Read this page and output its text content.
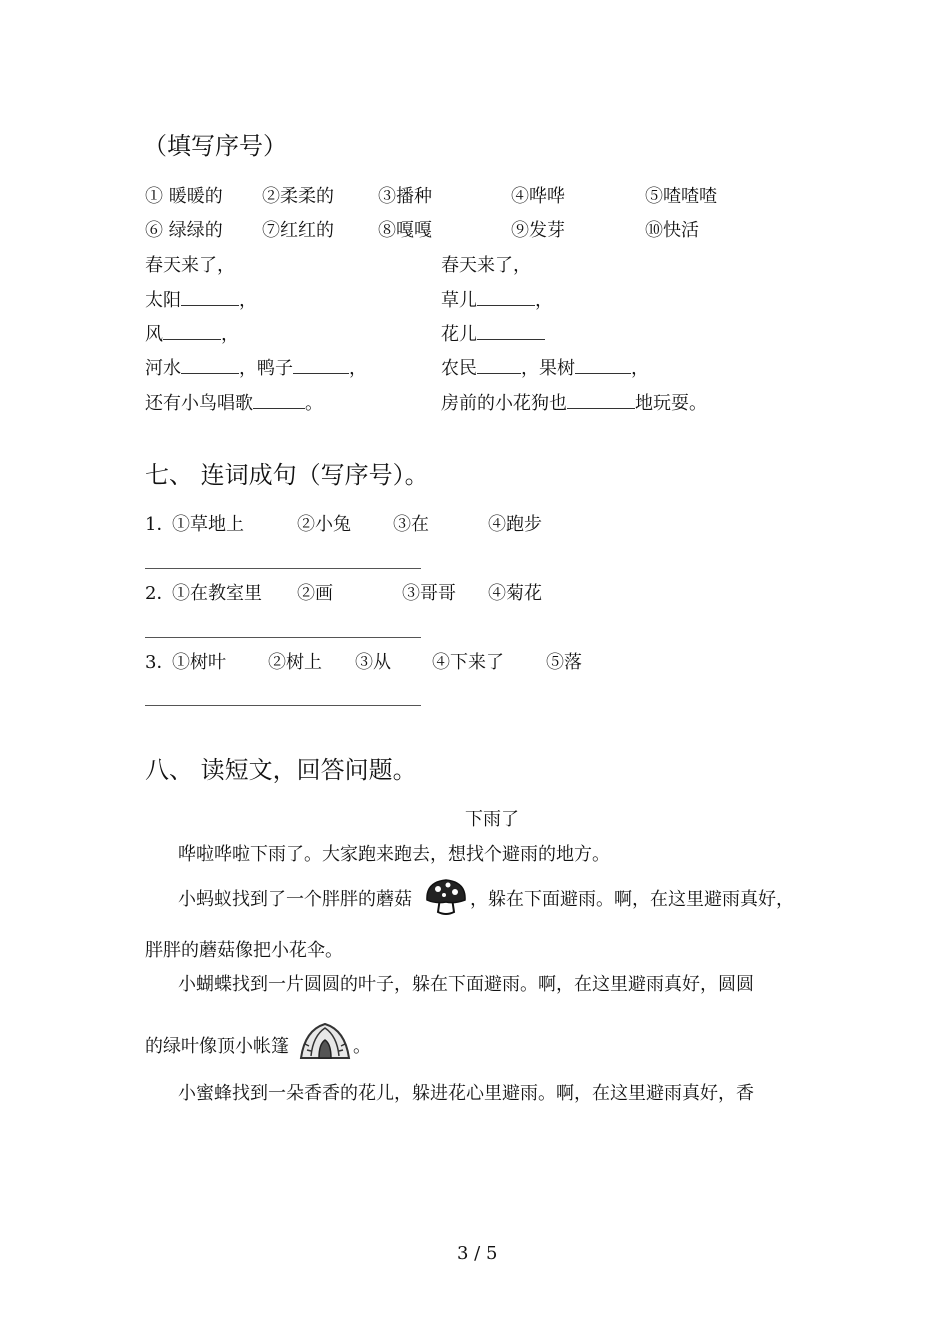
（填写序号）
① 暖暖的 ②柔柔的 ③播种	④哗哗	⑤喳喳喳
⑥ 绿绿的 ⑦红红的 ⑧嘎嘎	⑨发芽	⑩快活
春天来了，
太阳	，
风	，
河水	，鸭子	，
还有小鸟唱歌	。
春天来了，
草儿	，
花儿
农民 ，果树	，
房前的小花狗也	地玩耍。
七、 连词成句（写序号）。
1．
①草地上	②小兔 ③在	④跑步
2．
①在教室里 ②画	③哥哥 ④菊花
3．
①树叶 ②树上 ③从 ④下来了 ⑤落
八、 读短文，回答问题。
下雨了
哗啦哗啦下雨了。大家跑来跑去，想找个避雨的地方。
小蚂蚁找到了一个胖胖的蘑菇	，躲在下面避雨。啊，在这里避雨真好，
胖胖的蘑菇像把小花伞。
小蝴蝶找到一片圆圆的叶子，躲在下面避雨。啊，在这里避雨真好，圆圆
的绿叶像顶小帐篷	。
小蜜蜂找到一朵香香的花儿，躲进花心里避雨。啊，在这里避雨真好，香
3 / 5
